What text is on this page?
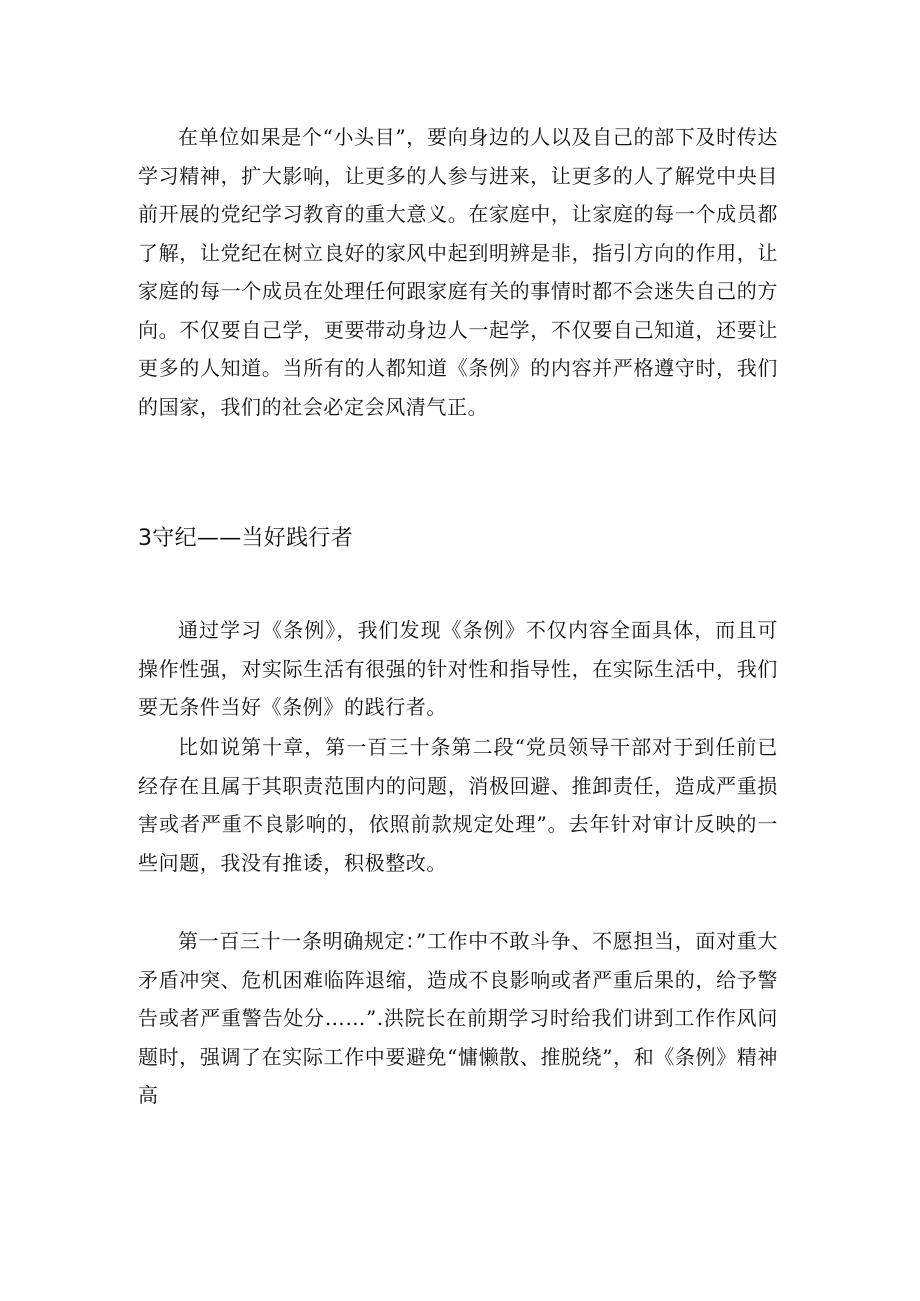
在单位如果是个“小头目”，要向身边的人以及自己的部下及时传达学习精神，扩大影响，让更多的人参与进来，让更多的人了解党中央目前开展的党纪学习教育的重大意义。在家庭中，让家庭的每一个成员都了解，让党纪在树立良好的家风中起到明辨是非，指引方向的作用，让家庭的每一个成员在处理任何跟家庭有关的事情时都不会迷失自己的方向。不仅要自己学，更要带动身边人一起学，不仅要自己知道，还要让更多的人知道。当所有的人都知道《条例》的内容并严格遵守时，我们的国家，我们的社会必定会风清气正。

3守纪——当好践行者

通过学习《条例》，我们发现《条例》不仅内容全面具体，而且可操作性强，对实际生活有很强的针对性和指导性，在实际生活中，我们要无条件当好《条例》的践行者。

比如说第十章，第一百三十条第二段“党员领导干部对于到任前已经存在且属于其职责范围内的问题，消极回避、推卸责任，造成严重损害或者严重不良影响的，依照前款规定处理”。去年针对审计反映的一些问题，我没有推诿，积极整改。

第一百三十一条明确规定：”工作中不敢斗争、不愿担当，面对重大矛盾冲突、危机困难临阵退缩，造成不良影响或者严重后果的，给予警告或者严重警告处分……”.洪院长在前期学习时给我们讲到工作作风问题时，强调了在实际工作中要避免“慵懒散、推脱绕”，和《条例》精神高
